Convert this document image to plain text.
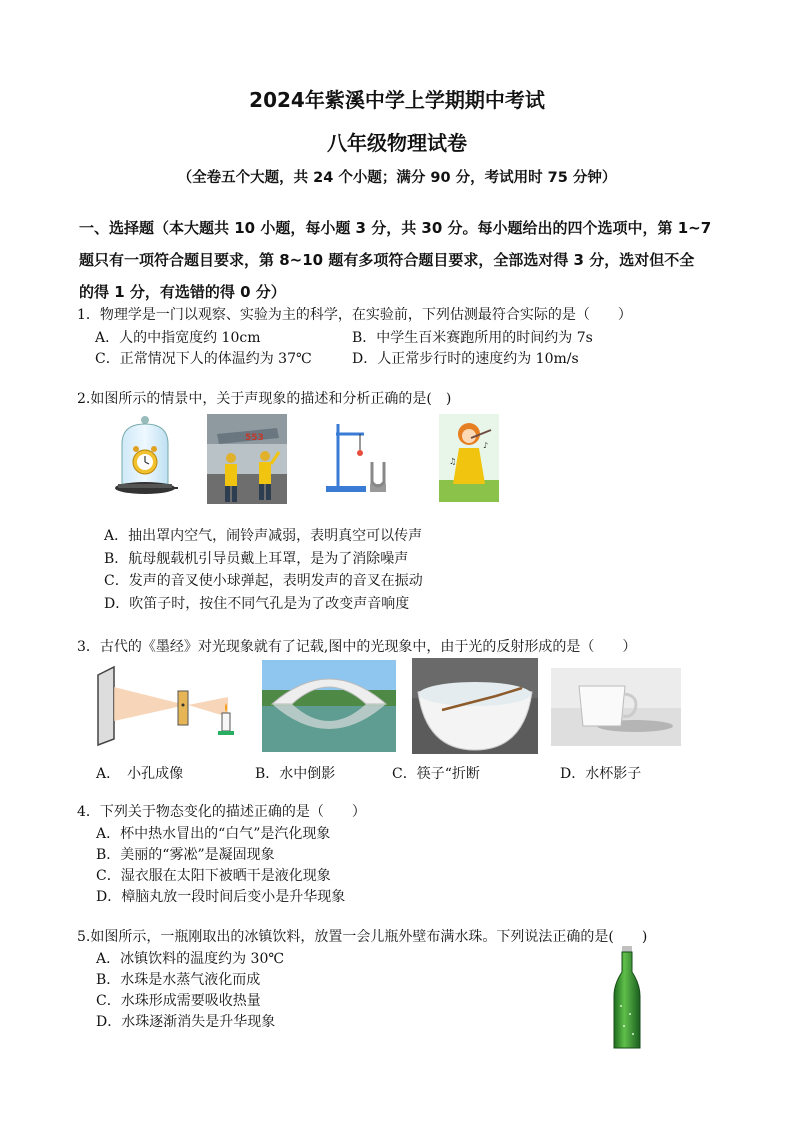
2024年紫溪中学上学期期中考试
八年级物理试卷
（全卷五个大题，共 24 个小题；满分 90 分，考试用时 75 分钟）
一、选择题（本大题共 10 小题，每小题 3 分，共 30 分。每小题给出的四个选项中，第 1~7
题只有一项符合题目要求，第 8~10 题有多项符合题目要求，全部选对得 3 分，选对但不全
的得 1 分，有选错的得 0 分）
1．物理学是一门以观察、实验为主的科学，在实验前，下列估测最符合实际的是（　　）
A．人的中指宽度约 10cm	B．中学生百米赛跑所用的时间约为 7s
C．正常情况下人的体温约为 37℃	D．人正常步行时的速度约为 10m/s
2.如图所示的情景中，关于声现象的描述和分析正确的是(　)
553
♪
♫
A．抽出罩内空气，闹铃声减弱，表明真空可以传声
B．航母舰载机引导员戴上耳罩，是为了消除噪声
C．发声的音叉使小球弹起，表明发声的音叉在振动
D．吹笛子时，按住不同气孔是为了改变声音响度
3．古代的《墨经》对光现象就有了记载,图中的光现象中，由于光的反射形成的是（　　）
A．　小孔成像	B．水中倒影	C．筷子“折断	D．水杯影子
4．下列关于物态变化的描述正确的是（　　）
A．杯中热水冒出的“白气”是汽化现象
B．美丽的“雾凇”是凝固现象
C．湿衣服在太阳下被晒干是液化现象
D．樟脑丸放一段时间后变小是升华现象
5.如图所示，一瓶刚取出的冰镇饮料，放置一会儿瓶外壁布满水珠。下列说法正确的是(　　)
A．冰镇饮料的温度约为 30℃
B．水珠是水蒸气液化而成
C．水珠形成需要吸收热量
D．水珠逐渐消失是升华现象
